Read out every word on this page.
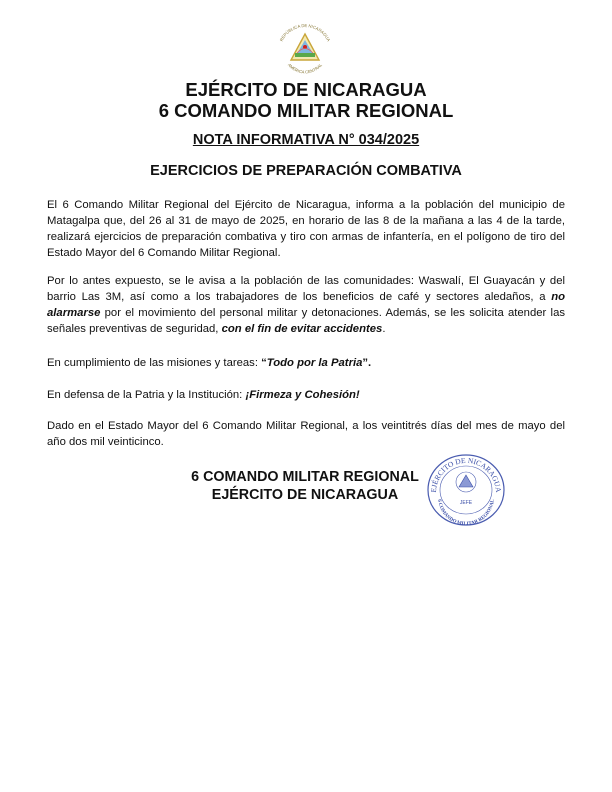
REPÚBLICA DE NICARAGUA
AMÉRICA CENTRAL
EJÉRCITO DE NICARAGUA
6 COMANDO MILITAR REGIONAL
NOTA INFORMATIVA N° 034/2025
EJERCICIOS DE PREPARACIÓN COMBATIVA

El 6 Comando Militar Regional del Ejército de Nicaragua, informa a la población del municipio de Matagalpa que, del 26 al 31 de mayo de 2025, en horario de las 8 de la mañana a las 4 de la tarde, realizará ejercicios de preparación combativa y tiro con armas de infantería, en el polígono de tiro del Estado Mayor del 6 Comando Militar Regional.

Por lo antes expuesto, se le avisa a la población de las comunidades: Waswalí, El Guayacán y del barrio Las 3M, así como a los trabajadores de los beneficios de café y sectores aledaños, a no alarmarse por el movimiento del personal militar y detonaciones. Además, se les solicita atender las señales preventivas de seguridad, con el fin de evitar accidentes.

En cumplimiento de las misiones y tareas: “Todo por la Patria”.

En defensa de la Patria y la Institución: ¡Firmeza y Cohesión!

Dado en el Estado Mayor del 6 Comando Militar Regional, a los veintitrés días del mes de mayo del año dos mil veinticinco.

6 COMANDO MILITAR REGIONAL
EJÉRCITO DE NICARAGUA	EJÉRCITO DE NICARAGUA
6 COMANDO MILITAR REGIONAL
JEFE
